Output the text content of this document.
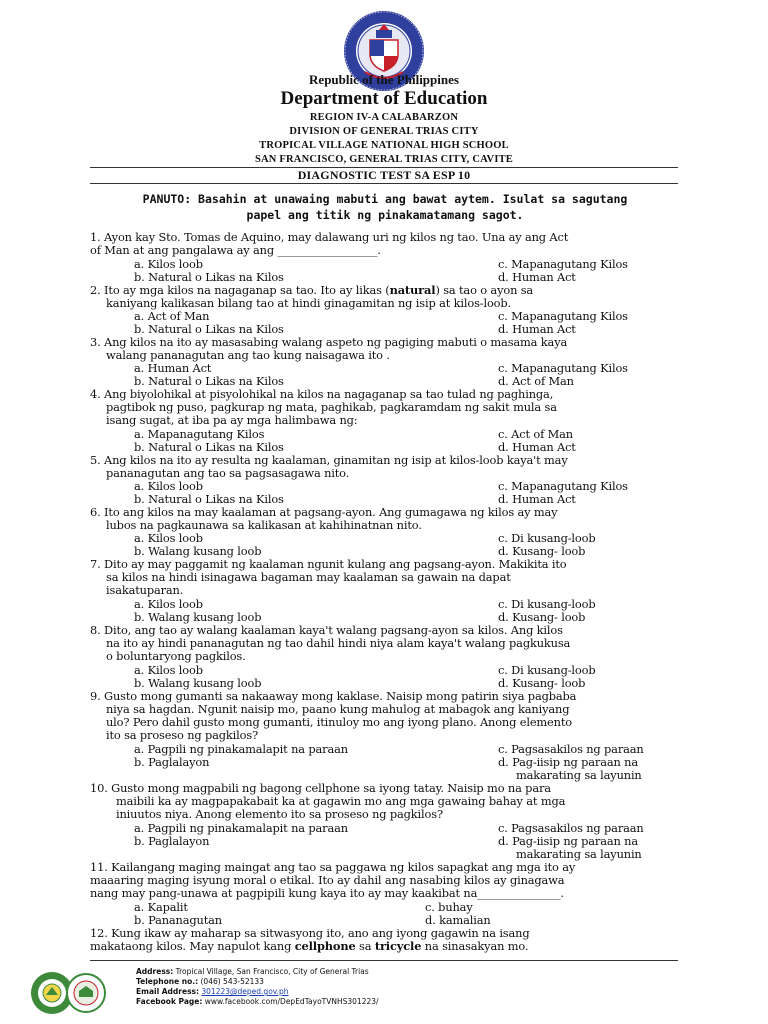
Republic of the Philippines
Department of Education
REGION IV-A CALABARZON
DIVISION OF GENERAL TRIAS CITY
TROPICAL VILLAGE NATIONAL HIGH SCHOOL
SAN FRANCISCO, GENERAL TRIAS CITY, CAVITE
DIAGNOSTIC TEST SA ESP 10
PANUTO: Basahin at unawaing mabuti ang bawat aytem. Isulat sa sagutang
papel ang titik ng pinakamatamang sagot.
1. Ayon kay Sto. Tomas de Aquino, may dalawang uri ng kilos ng tao. Una ay ang Act
of Man at ang pangalawa ay ang __________________.
a. Kilos loob
b. Natural o Likas na Kilos
c. Mapanagutang Kilos
d. Human Act
2. Ito ay mga kilos na nagaganap sa tao. Ito ay likas (natural) sa tao o ayon sa
kaniyang kalikasan bilang tao at hindi ginagamitan ng isip at kilos-loob.
a. Act of Man
b. Natural o Likas na Kilos
c. Mapanagutang Kilos
d. Human Act
3. Ang kilos na ito ay masasabing walang aspeto ng pagiging mabuti o masama kaya
walang pananagutan ang tao kung naisagawa ito .
a. Human Act
b. Natural o Likas na Kilos
c. Mapanagutang Kilos
d. Act of Man
4. Ang biyolohikal at pisyolohikal na kilos na nagaganap sa tao tulad ng paghinga,
pagtibok ng puso, pagkurap ng mata, paghikab, pagkaramdam ng sakit mula sa
isang sugat, at iba pa ay mga halimbawa ng:
a. Mapanagutang Kilos
b. Natural o Likas na Kilos
c. Act of Man
d. Human Act
5. Ang kilos na ito ay resulta ng kaalaman, ginamitan ng isip at kilos-loob kaya't may
pananagutan ang tao sa pagsasagawa nito.
a. Kilos loob
b. Natural o Likas na Kilos
c. Mapanagutang Kilos
d. Human Act
6. Ito ang kilos na may kaalaman at pagsang-ayon. Ang gumagawa ng kilos ay may
lubos na pagkaunawa sa kalikasan at kahihinatnan nito.
a. Kilos loob
b. Walang kusang loob
c. Di kusang-loob
d. Kusang- loob
7. Dito ay may paggamit ng kaalaman ngunit kulang ang pagsang-ayon. Makikita ito
sa kilos na hindi isinagawa bagaman may kaalaman sa gawain na dapat
isakatuparan.
a. Kilos loob
b. Walang kusang loob
c. Di kusang-loob
d. Kusang- loob
8. Dito, ang tao ay walang kaalaman kaya't walang pagsang-ayon sa kilos. Ang kilos
na ito ay hindi pananagutan ng tao dahil hindi niya alam kaya't walang pagkukusa
o boluntaryong pagkilos.
a. Kilos loob
b. Walang kusang loob
c. Di kusang-loob
d. Kusang- loob
9. Gusto mong gumanti sa nakaaway mong kaklase. Naisip mong patirin siya pagbaba
niya sa hagdan. Ngunit naisip mo, paano kung mahulog at mabagok ang kaniyang
ulo? Pero dahil gusto mong gumanti, itinuloy mo ang iyong plano. Anong elemento
ito sa proseso ng pagkilos?
a. Pagpili ng pinakamalapit na paraan
b. Paglalayon
c. Pagsasakilos ng paraan
d. Pag-iisip ng paraan na
makarating sa layunin
10. Gusto mong magpabili ng bagong cellphone sa iyong tatay. Naisip mo na para
maibili ka ay magpapakabait ka at gagawin mo ang mga gawaing bahay at mga
iniuutos niya. Anong elemento ito sa proseso ng pagkilos?
a. Pagpili ng pinakamalapit na paraan
b. Paglalayon
c. Pagsasakilos ng paraan
d. Pag-iisip ng paraan na
makarating sa layunin
11. Kailangang maging maingat ang tao sa paggawa ng kilos sapagkat ang mga ito ay
maaaring maging isyung moral o etikal. Ito ay dahil ang nasabing kilos ay ginagawa
nang may pang-unawa at pagpipili kung kaya ito ay may kaakibat na_______________.
a. Kapalit
b. Pananagutan
c. buhay
d. kamalian
12. Kung ikaw ay maharap sa sitwasyong ito, ano ang iyong gagawin na isang
makataong kilos. May napulot kang cellphone sa tricycle na sinasakyan mo.
Address: Tropical Village, San Francisco, City of General Trias
Telephone no.: (046) 543-52133
Email Address: 301223@deped.gov.ph
Facebook Page: www.facebook.com/DepEdTayoTVNHS301223/
